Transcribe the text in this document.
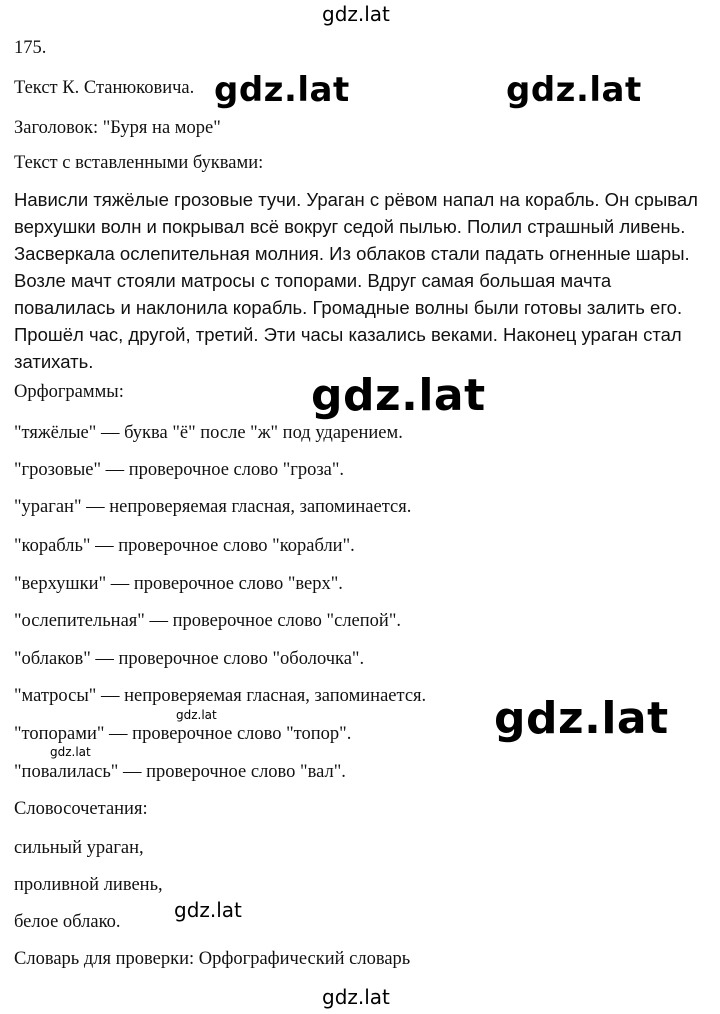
gdz.lat
175.
Текст К. Станюковича.
Заголовок: "Буря на море"
Текст с вставленными буквами:
Нависли тяжёлые грозовые тучи. Ураган с рёвом напал на корабль. Он срывал верхушки волн и покрывал всё вокруг седой пылью. Полил страшный ливень. Засверкала ослепительная молния. Из облаков стали падать огненные шары. Возле мачт стояли матросы с топорами. Вдруг самая большая мачта повалилась и наклонила корабль. Громадные волны были готовы залить его. Прошёл час, другой, третий. Эти часы казались веками. Наконец ураган стал затихать.
Орфограммы:
"тяжёлые" — буква "ё" после "ж" под ударением.
"грозовые" — проверочное слово "гроза".
"ураган" — непроверяемая гласная, запоминается.
"корабль" — проверочное слово "корабли".
"верхушки" — проверочное слово "верх".
"ослепительная" — проверочное слово "слепой".
"облаков" — проверочное слово "оболочка".
"матросы" — непроверяемая гласная, запоминается.
"топорами" — проверочное слово "топор".
"повалилась" — проверочное слово "вал".
Словосочетания:
сильный ураган,
проливной ливень,
белое облако.
Словарь для проверки: Орфографический словарь
gdz.lat	gdz.lat
gdz.lat
gdz.lat
gdz.lat
gdz.lat
gdz.lat
gdz.lat
